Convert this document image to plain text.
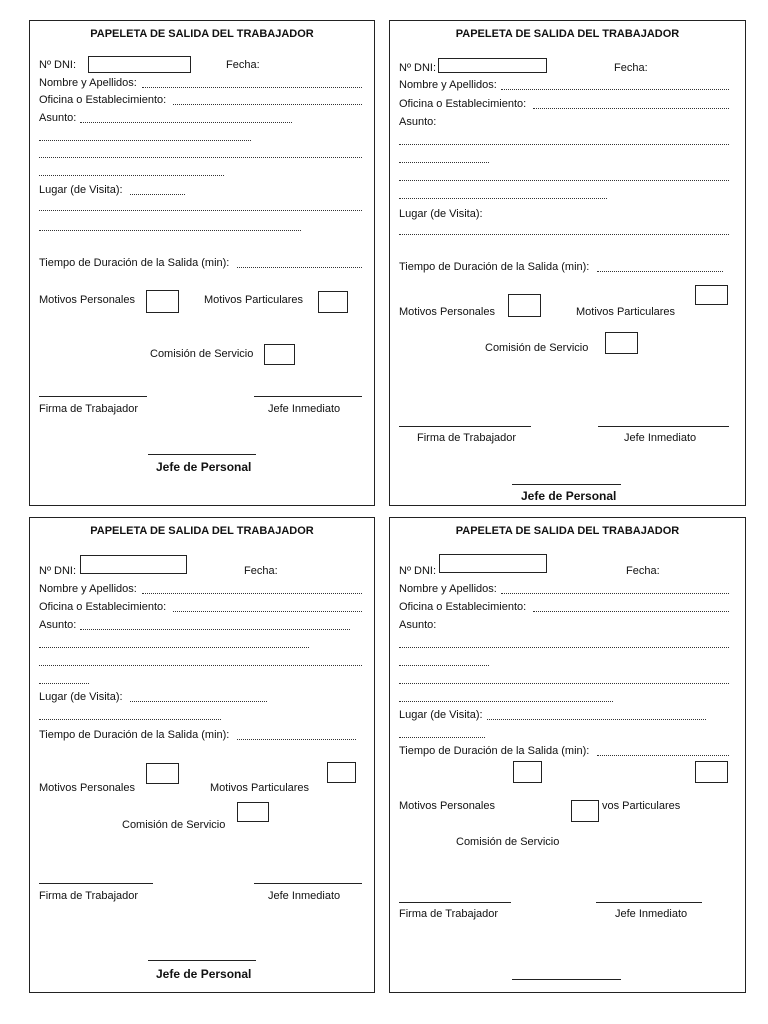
PAPELETA DE SALIDA DEL TRABAJADOR
Nº DNI:	Fecha:
Nombre y Apellidos:
Oficina o Establecimiento:
Asunto:
Lugar (de Visita):
Tiempo de Duración de la Salida (min):
Motivos Personales	Motivos Particulares
Comisión de Servicio
Firma de Trabajador	Jefe Inmediato
Jefe de Personal
PAPELETA DE SALIDA DEL TRABAJADOR
Nº DNI:	Fecha:
Nombre y Apellidos:
Oficina o Establecimiento:
Asunto:
Lugar (de Visita):
Tiempo de Duración de la Salida (min):
Motivos Personales	Motivos Particulares
Comisión de Servicio
Firma de Trabajador	Jefe Inmediato
Jefe de Personal
PAPELETA DE SALIDA DEL TRABAJADOR
Nº DNI:	Fecha:
Nombre y Apellidos:
Oficina o Establecimiento:
Asunto:
Lugar (de Visita):
Tiempo de Duración de la Salida (min):
Motivos Personales	Motivos Particulares
Comisión de Servicio
Firma de Trabajador	Jefe Inmediato
Jefe de Personal
PAPELETA DE SALIDA DEL TRABAJADOR
Nº DNI:	Fecha:
Nombre y Apellidos:
Oficina o Establecimiento:
Asunto:
Lugar (de Visita):
Tiempo de Duración de la Salida (min):
Motivos Personales	vos Particulares
Comisión de Servicio
Firma de Trabajador	Jefe Inmediato
